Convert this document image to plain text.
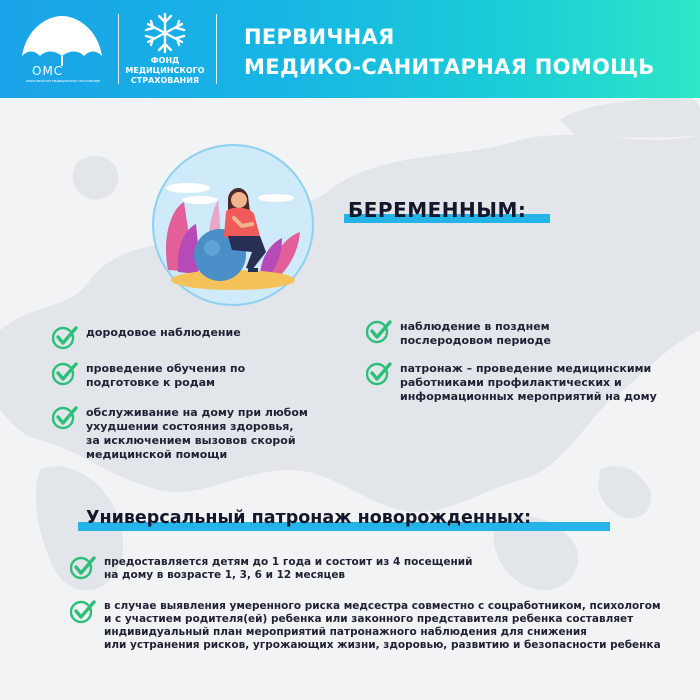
ОМС
ОБЯЗАТЕЛЬНОЕ МЕДИЦИНСКОЕ СТРАХОВАНИЕ
ФОНД
МЕДИЦИНСКОГО
СТРАХОВАНИЯ
ПЕРВИЧНАЯ
МЕДИКО-САНИТАРНАЯ ПОМОЩЬ
БЕРЕМЕННЫМ:
дородовое наблюдение
проведение обучения по
подготовке к родам
обслуживание на дому при любом
ухудшении состояния здоровья,
за исключением вызовов скорой
медицинской помощи
наблюдение в позднем
послеродовом периоде
патронаж – проведение медицинскими
работниками профилактических и
информационных мероприятий на дому
Универсальный патронаж новорожденных:
предоставляется детям до 1 года и состоит из 4 посещений
на дому в возрасте 1, 3, 6 и 12 месяцев
в случае выявления умеренного риска медсестра совместно с соцработником, психологом
и с участием родителя(ей) ребенка или законного представителя ребенка составляет
индивидуальный план мероприятий патронажного наблюдения для снижения
или устранения рисков, угрожающих жизни, здоровью, развитию и безопасности ребенка
